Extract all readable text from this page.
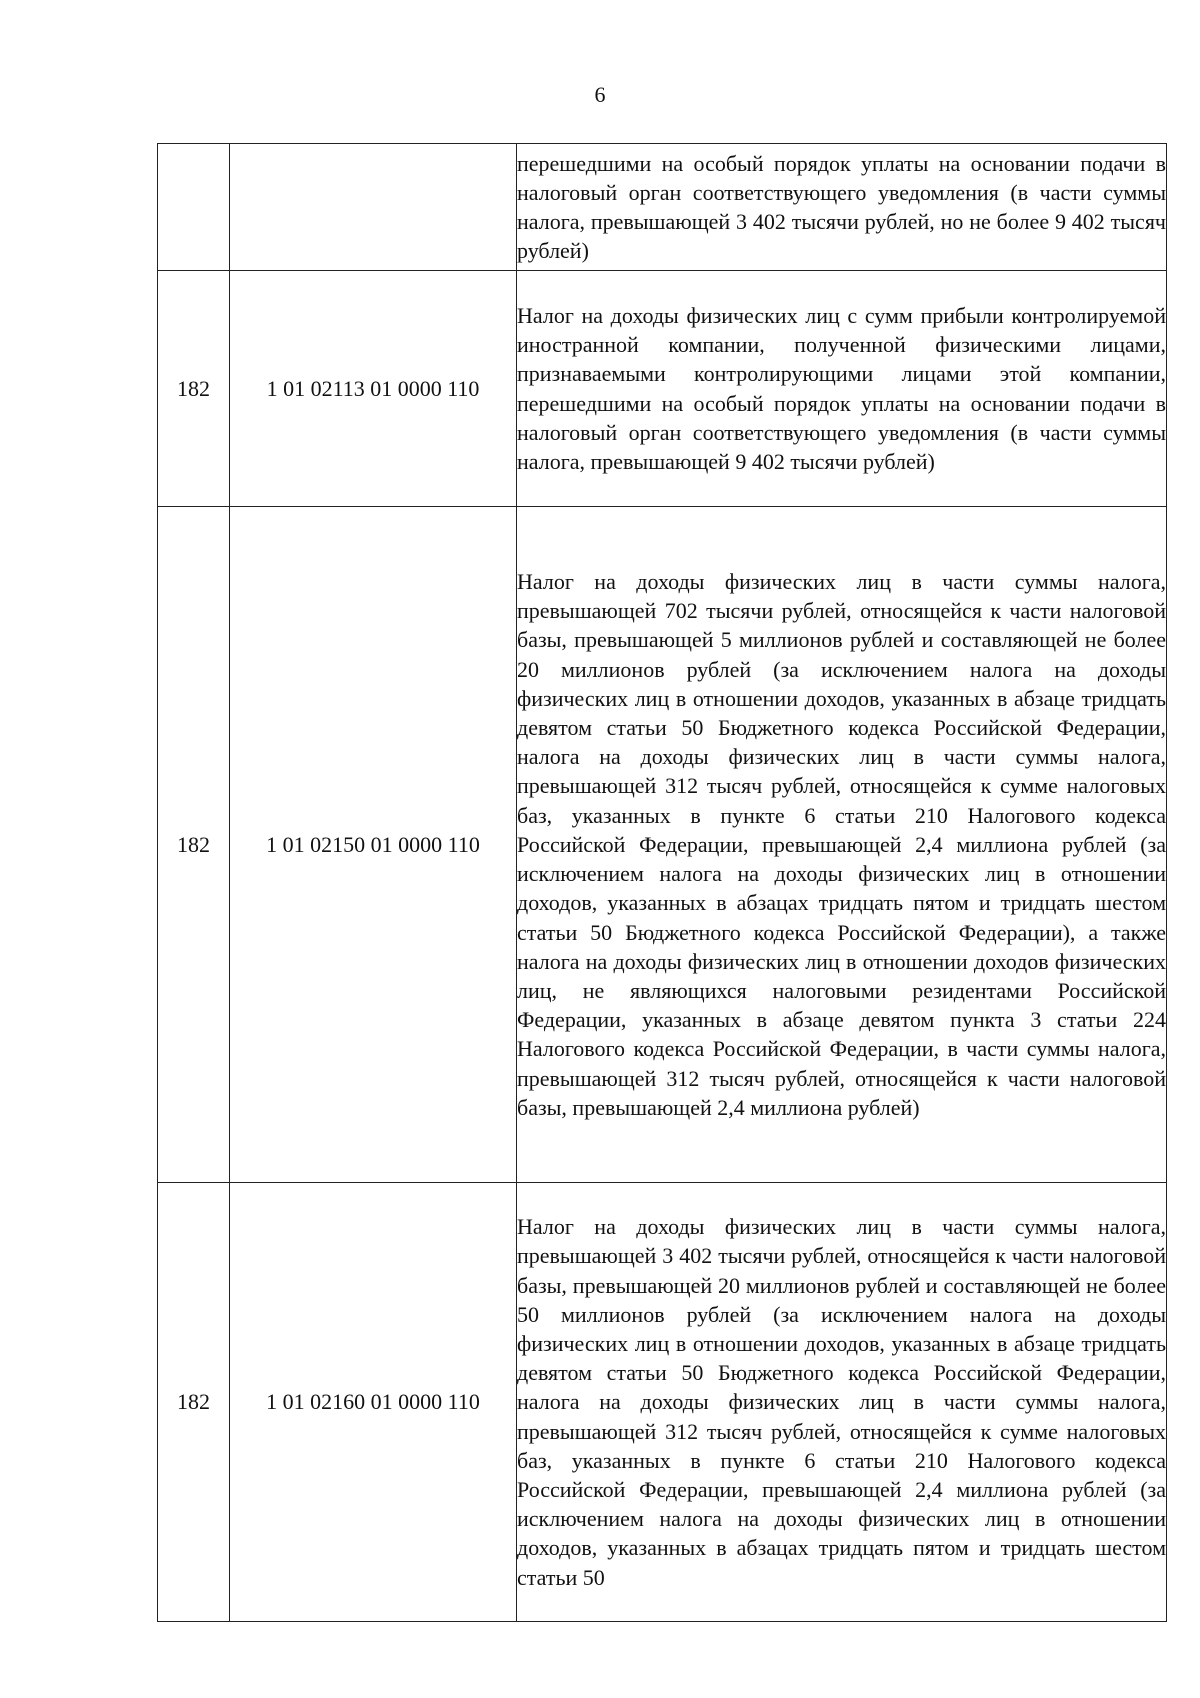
6

		перешедшими на особый порядок уплаты на основании подачи в налоговый орган соответствующего уведомления (в части суммы налога, превышающей 3 402 тысячи рублей, но не более 9 402 тысяч рублей)

182	1 01 02113 01 0000 110	Налог на доходы физических лиц с сумм прибыли контролируемой иностранной компании, полученной физическими лицами, признаваемыми контролирующими лицами этой компании, перешедшими на особый порядок уплаты на основании подачи в налоговый орган соответствующего уведомления (в части суммы налога, превышающей 9 402 тысячи рублей)

182	1 01 02150 01 0000 110	Налог на доходы физических лиц в части суммы налога, превышающей 702 тысячи рублей, относящейся к части налоговой базы, превышающей 5 миллионов рублей и составляющей не более 20 миллионов рублей (за исключением налога на доходы физических лиц в отношении доходов, указанных в абзаце тридцать девятом статьи 50 Бюджетного кодекса Российской Федерации, налога на доходы физических лиц в части суммы налога, превышающей 312 тысяч рублей, относящейся к сумме налоговых баз, указанных в пункте 6 статьи 210 Налогового кодекса Российской Федерации, превышающей 2,4 миллиона рублей (за исключением налога на доходы физических лиц в отношении доходов, указанных в абзацах тридцать пятом и тридцать шестом статьи 50 Бюджетного кодекса Российской Федерации), а также налога на доходы физических лиц в отношении доходов физических лиц, не являющихся налоговыми резидентами Российской Федерации, указанных в абзаце девятом пункта 3 статьи 224 Налогового кодекса Российской Федерации, в части суммы налога, превышающей 312 тысяч рублей, относящейся к части налоговой базы, превышающей 2,4 миллиона рублей)

182	1 01 02160 01 0000 110	Налог на доходы физических лиц в части суммы налога, превышающей 3 402 тысячи рублей, относящейся к части налоговой базы, превышающей 20 миллионов рублей и составляющей не более 50 миллионов рублей (за исключением налога на доходы физических лиц в отношении доходов, указанных в абзаце тридцать девятом статьи 50 Бюджетного кодекса Российской Федерации, налога на доходы физических лиц в части суммы налога, превышающей 312 тысяч рублей, относящейся к сумме налоговых баз, указанных в пункте 6 статьи 210 Налогового кодекса Российской Федерации, превышающей 2,4 миллиона рублей (за исключением налога на доходы физических лиц в отношении доходов, указанных в абзацах тридцать пятом и тридцать шестом статьи 50
